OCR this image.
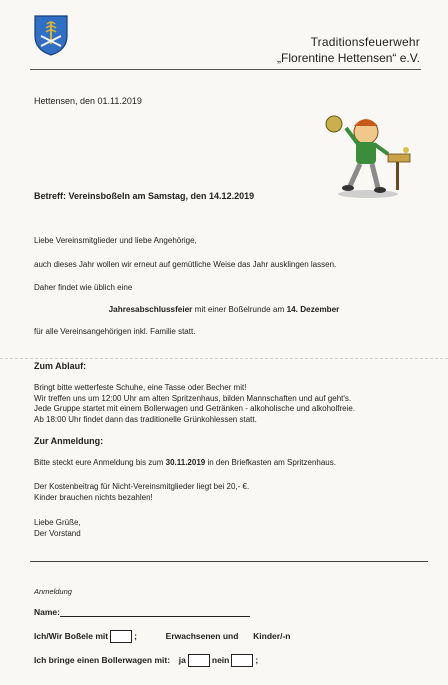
Traditionsfeuerwehr
„Florentine Hettensen“ e.V.
Hettensen, den 01.11.2019
Betreff: Vereinsboßeln am Samstag, den 14.12.2019
Liebe Vereinsmitglieder und liebe Angehörige,
auch dieses Jahr wollen wir erneut auf gemütliche Weise das Jahr ausklingen lassen.
Daher findet wie üblich eine
Jahresabschlussfeier mit einer Boßelrunde am 14. Dezember
für alle Vereinsangehörigen inkl. Familie statt.
Zum Ablauf:
Bringt bitte wetterfeste Schuhe, eine Tasse oder Becher mit!
Wir treffen uns um 12:00 Uhr am alten Spritzenhaus, bilden Mannschaften und auf geht's.
Jede Gruppe startet mit einem Bollerwagen und Getränken - alkoholische und alkoholfreie.
Ab 18:00 Uhr findet dann das traditionelle Grünkohlessen statt.
Zur Anmeldung:
Bitte steckt eure Anmeldung bis zum 30.11.2019 in den Briefkasten am Spritzenhaus.
Der Kostenbeitrag für Nicht-Vereinsmitglieder liegt bei 20,- €.
Kinder brauchen nichts bezahlen!
Liebe Grüße,
Der Vorstand
Anmeldung
Name:
Ich/Wir Boßele mit	;	Erwachsenen und Kinder/-n
Ich bringe einen Bollerwagen mit: ja	nein	;
